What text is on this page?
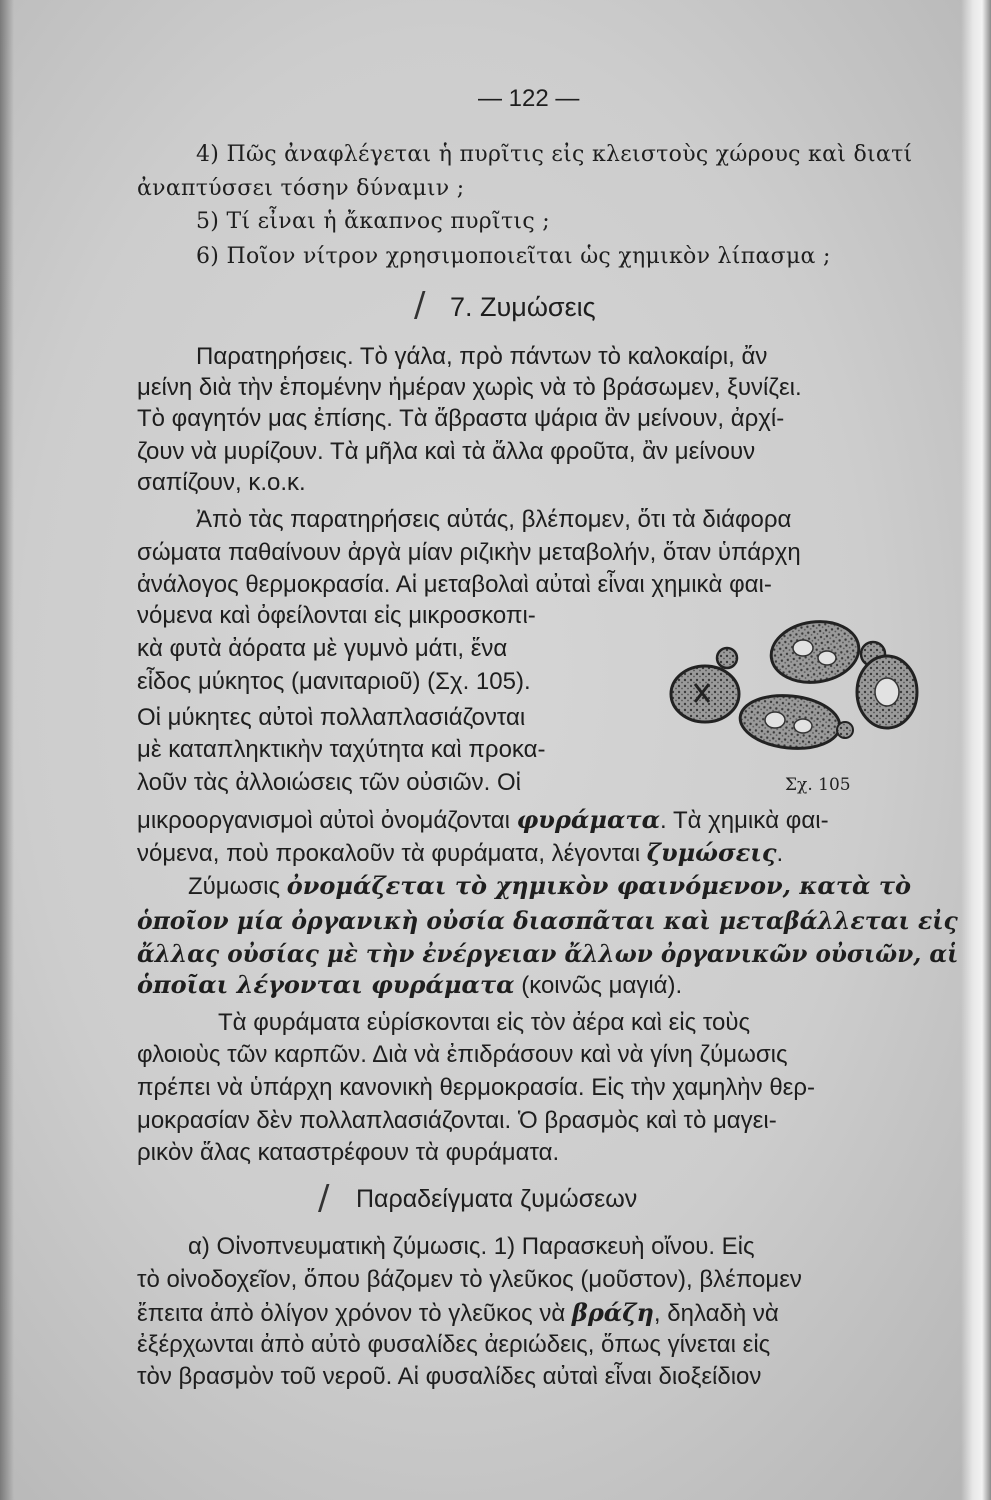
— 122 —
4) Πῶς ἀναφλέγεται ἡ πυρῖτις εἰς κλειστοὺς χώρους καὶ διατί
ἀναπτύσσει τόσην δύναμιν ;
5) Τί εἶναι ἡ ἄκαπνος πυρῖτις ;
6) Ποῖον νίτρον χρησιμοποιεῖται ὡς χημικὸν λίπασμα ;
/ 7. Ζυμώσεις
Παρατηρήσεις. Τὸ γάλα, πρὸ πάντων τὸ καλοκαίρι, ἄν
μείνη διὰ τὴν ἑπομένην ἡμέραν χωρὶς νὰ τὸ βράσωμεν, ξυνίζει.
Τὸ φαγητόν μας ἐπίσης. Τὰ ἄβραστα ψάρια ἂν μείνουν, ἀρχί-
ζουν νὰ μυρίζουν. Τὰ μῆλα καὶ τὰ ἄλλα φροῦτα, ἂν μείνουν
σαπίζουν, κ.ο.κ.
Ἀπὸ τὰς παρατηρήσεις αὐτάς, βλέπομεν, ὅτι τὰ διάφορα
σώματα παθαίνουν ἀργὰ μίαν ριζικὴν μεταβολήν, ὅταν ὑπάρχη
ἀνάλογος θερμοκρασία. Αἱ μεταβολαὶ αὐταὶ εἶναι χημικὰ φαι-
νόμενα καὶ ὀφείλονται εἰς μικροσκοπι-
κὰ φυτὰ ἀόρατα μὲ γυμνὸ μάτι, ἕνα
εἶδος μύκητος (μανιταριοῦ) (Σχ. 105).
Οἱ μύκητες αὐτοὶ πολλαπλασιάζονται
μὲ καταπληκτικὴν ταχύτητα καὶ προκα-
λοῦν τὰς ἀλλοιώσεις τῶν οὐσιῶν. Οἱ	Σχ. 105
μικροοργανισμοὶ αὐτοὶ ὀνομάζονται φυράματα. Τὰ χημικὰ φαι-
νόμενα, ποὺ προκαλοῦν τὰ φυράματα, λέγονται ζυμώσεις.
Ζύμωσις ὀνομάζεται τὸ χημικὸν φαινόμενον, κατὰ τὸ
ὁποῖον μία ὀργανικὴ οὐσία διασπᾶται καὶ μεταβάλλεται εἰς
ἄλλας οὐσίας μὲ τὴν ἐνέργειαν ἄλλων ὀργανικῶν οὐσιῶν, αἱ
ὁποῖαι λέγονται φυράματα (κοινῶς μαγιά).
Τὰ φυράματα εὑρίσκονται εἰς τὸν ἀέρα καὶ εἰς τοὺς
φλοιοὺς τῶν καρπῶν. Διὰ νὰ ἐπιδράσουν καὶ νὰ γίνη ζύμωσις
πρέπει νὰ ὑπάρχη κανονικὴ θερμοκρασία. Εἰς τὴν χαμηλὴν θερ-
μοκρασίαν δὲν πολλαπλασιάζονται. Ὁ βρασμὸς καὶ τὸ μαγει-
ρικὸν ἅλας καταστρέφουν τὰ φυράματα.
/ Παραδείγματα ζυμώσεων
α) Οἰνοπνευματικὴ ζύμωσις. 1) Παρασκευὴ οἴνου. Εἰς
τὸ οἰνοδοχεῖον, ὅπου βάζομεν τὸ γλεῦκος (μοῦστον), βλέπομεν
ἔπειτα ἀπὸ ὀλίγον χρόνον τὸ γλεῦκος νὰ βράζη, δηλαδὴ νὰ
ἐξέρχωνται ἀπὸ αὐτὸ φυσαλίδες ἀεριώδεις, ὅπως γίνεται εἰς
τὸν βρασμὸν τοῦ νεροῦ. Αἱ φυσαλίδες αὐταὶ εἶναι διοξείδιον
